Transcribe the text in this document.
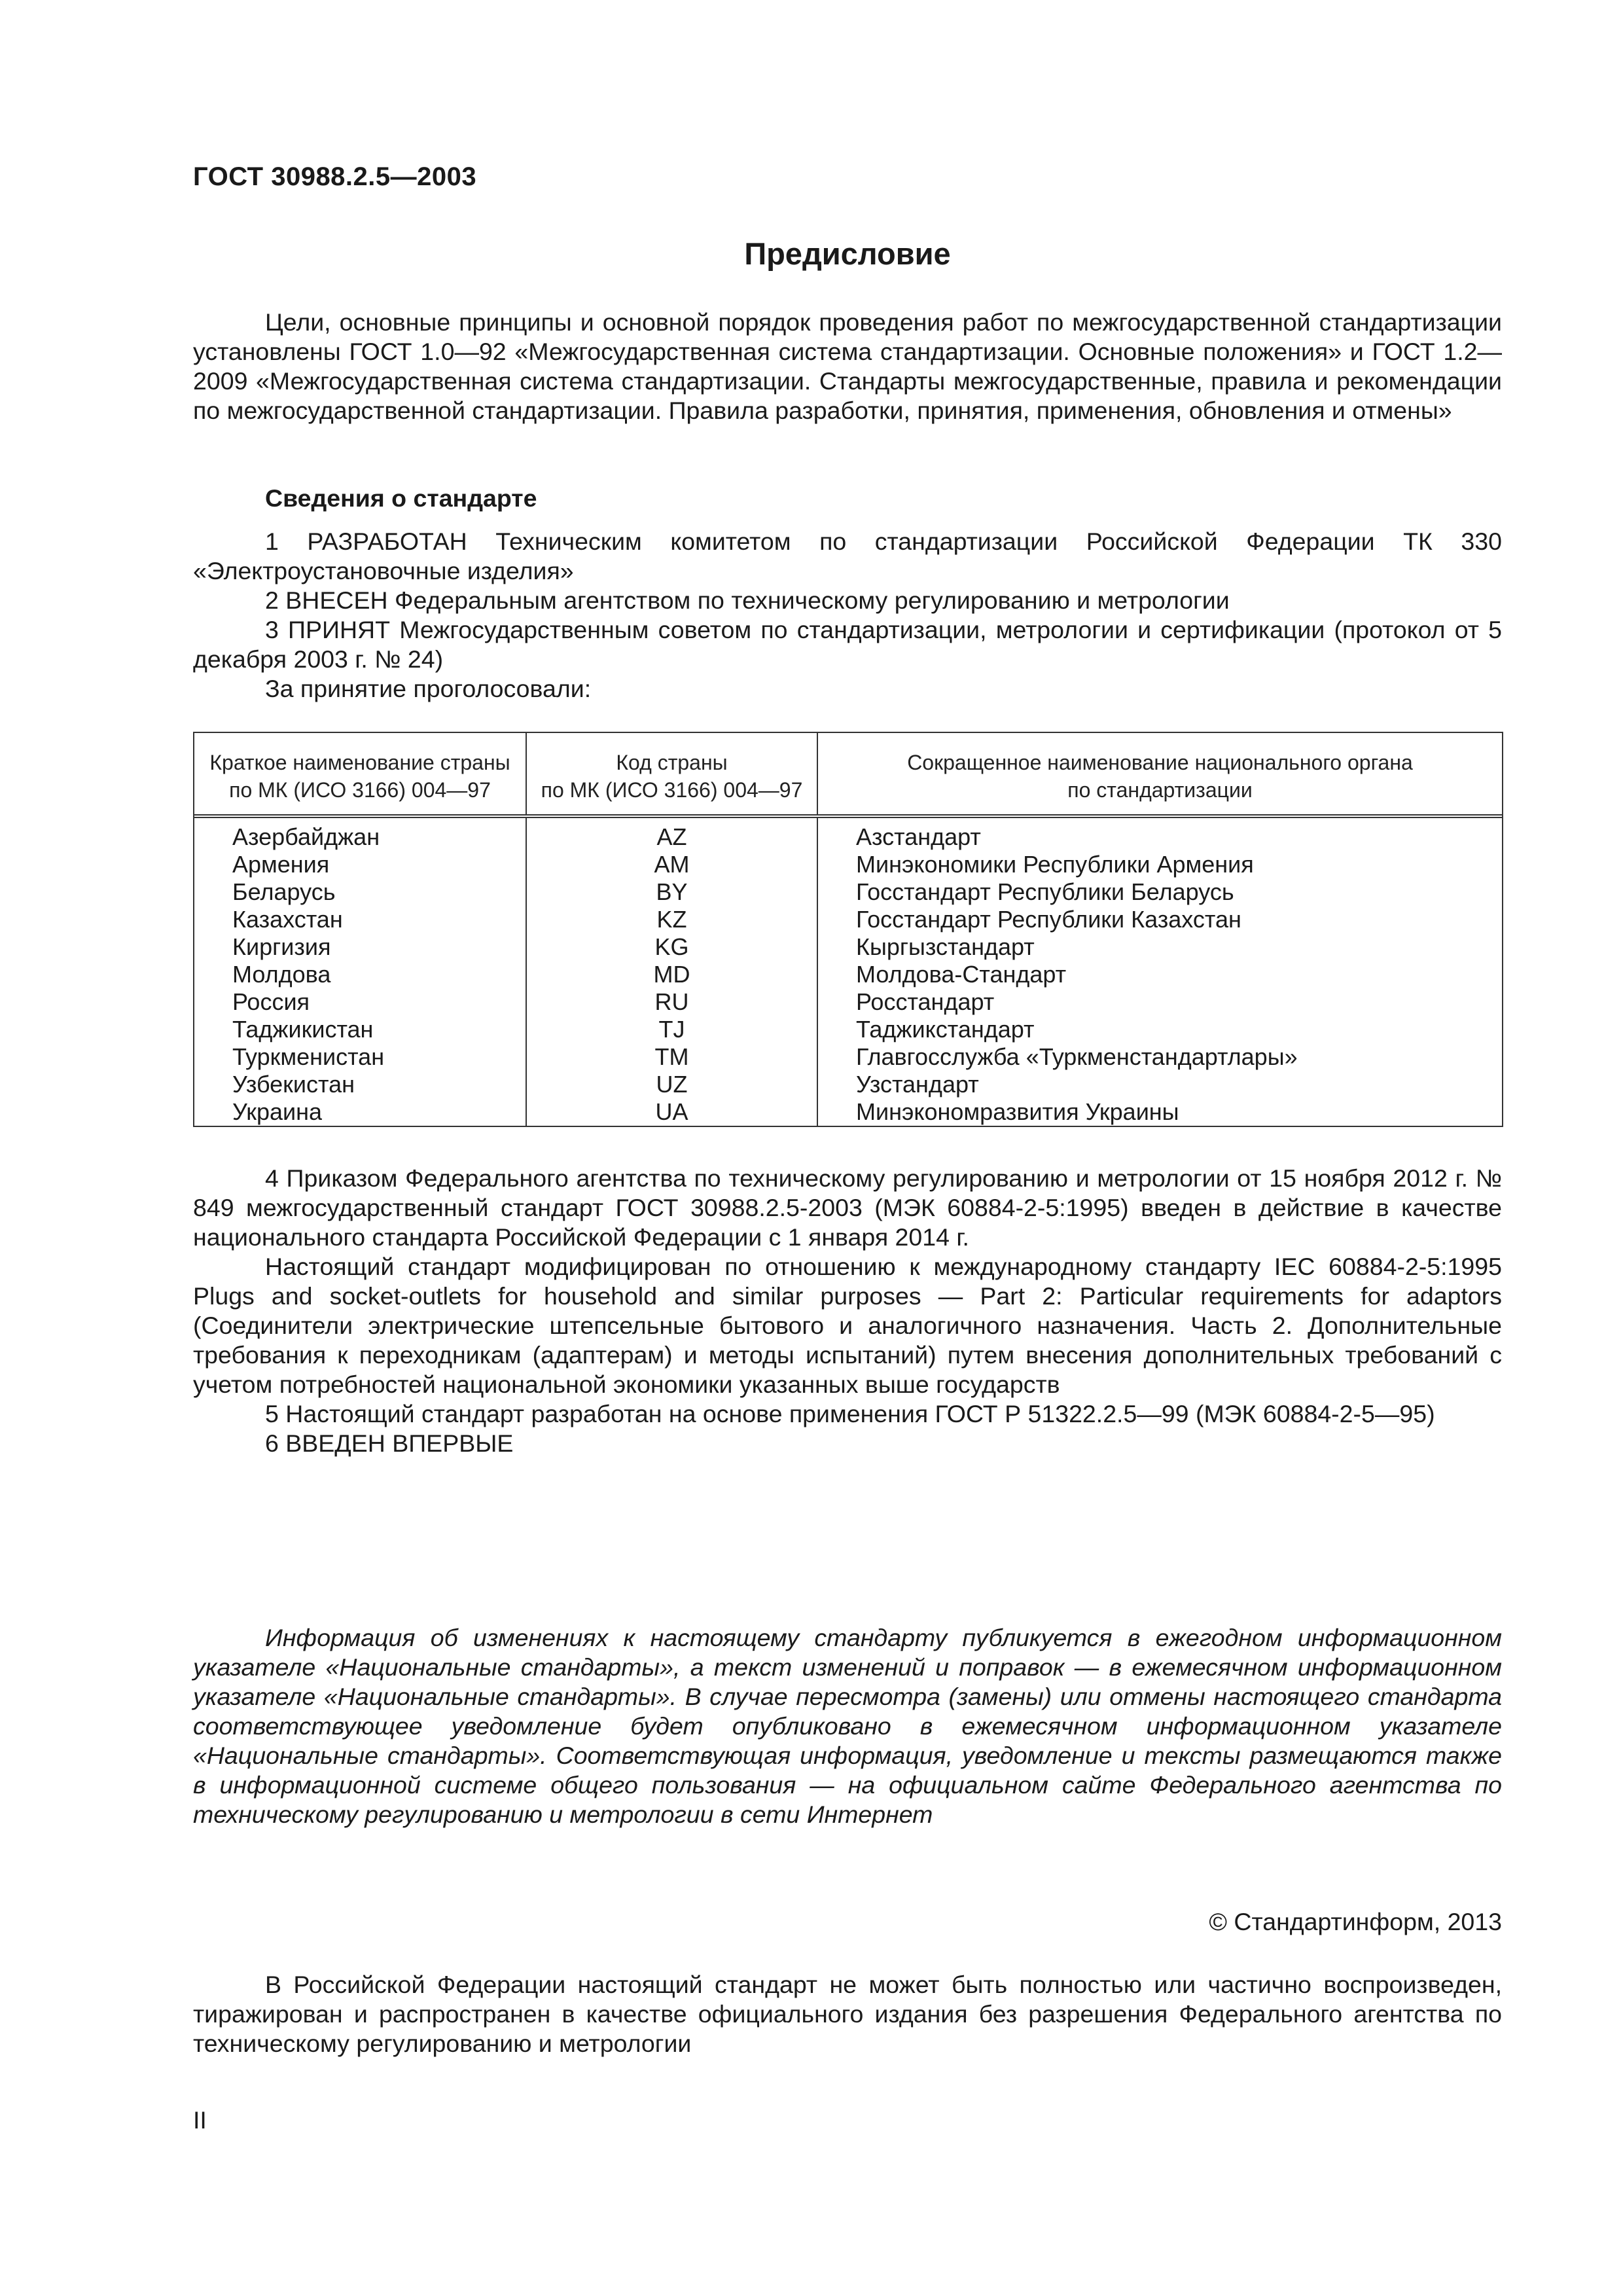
ГОСТ 30988.2.5—2003
Предисловие

Цели, основные принципы и основной порядок проведения работ по межгосударственной стандартизации установлены ГОСТ 1.0—92 «Межгосударственная система стандартизации. Основные положения» и ГОСТ 1.2—2009 «Межгосударственная система стандартизации. Стандарты межгосударственные, правила и рекомендации по межгосударственной стандартизации. Правила разработки, принятия, применения, обновления и отмены»

Сведения о стандарте

1 РАЗРАБОТАН Техническим комитетом по стандартизации Российской Федерации ТК 330 «Электроустановочные изделия»

2 ВНЕСЕН Федеральным агентством по техническому регулированию и метрологии

3 ПРИНЯТ Межгосударственным советом по стандартизации, метрологии и сертификации (протокол от 5 декабря 2003 г. № 24)

За принятие проголосовали:

Краткое наименование страны
по МК (ИСО 3166) 004—97
Код страны
по МК (ИСО 3166) 004—97
Сокращенное наименование национального органа
по стандартизации
Азербайджан
Армения
Беларусь
Казахстан
Киргизия
Молдова
Россия
Таджикистан
Туркменистан
Узбекистан
Украина
AZ
AM
BY
KZ
KG
MD
RU
TJ
TM
UZ
UA
Азстандарт
Минэкономики Республики Армения
Госстандарт Республики Беларусь
Госстандарт Республики Казахстан
Кыргызстандарт
Молдова-Стандарт
Росстандарт
Таджикстандарт
Главгосслужба «Туркменстандартлары»
Узстандарт
Минэкономразвития Украины

4 Приказом Федерального агентства по техническому регулированию и метрологии от 15 ноября 2012 г. № 849 межгосударственный стандарт ГОСТ 30988.2.5-2003 (МЭК 60884-2-5:1995) введен в действие в качестве национального стандарта Российской Федерации с 1 января 2014 г.

Настоящий стандарт модифицирован по отношению к международному стандарту IEC 60884-2-5:1995 Plugs and socket-outlets for household and similar purposes — Part 2: Particular requirements for adaptors (Соединители электрические штепсельные бытового и аналогичного назначения. Часть 2. Дополнительные требования к переходникам (адаптерам) и методы испытаний) путем внесения дополнительных требований с учетом потребностей национальной экономики указанных выше государств

5 Настоящий стандарт разработан на основе применения ГОСТ Р 51322.2.5—99 (МЭК 60884-2-5—95)

6 ВВЕДЕН ВПЕРВЫЕ

Информация об изменениях к настоящему стандарту публикуется в ежегодном информационном указателе «Национальные стандарты», а текст изменений и поправок — в ежемесячном информационном указателе «Национальные стандарты». В случае пересмотра (замены) или отмены настоящего стандарта соответствующее уведомление будет опубликовано в ежемесячном информационном указателе «Национальные стандарты». Соответствующая информация, уведомление и тексты размещаются также в информационной системе общего пользования — на официальном сайте Федерального агентства по техническому регулированию и метрологии в сети Интернет

© Стандартинформ, 2013

В Российской Федерации настоящий стандарт не может быть полностью или частично воспроизведен, тиражирован и распространен в качестве официального издания без разрешения Федерального агентства по техническому регулированию и метрологии

II
